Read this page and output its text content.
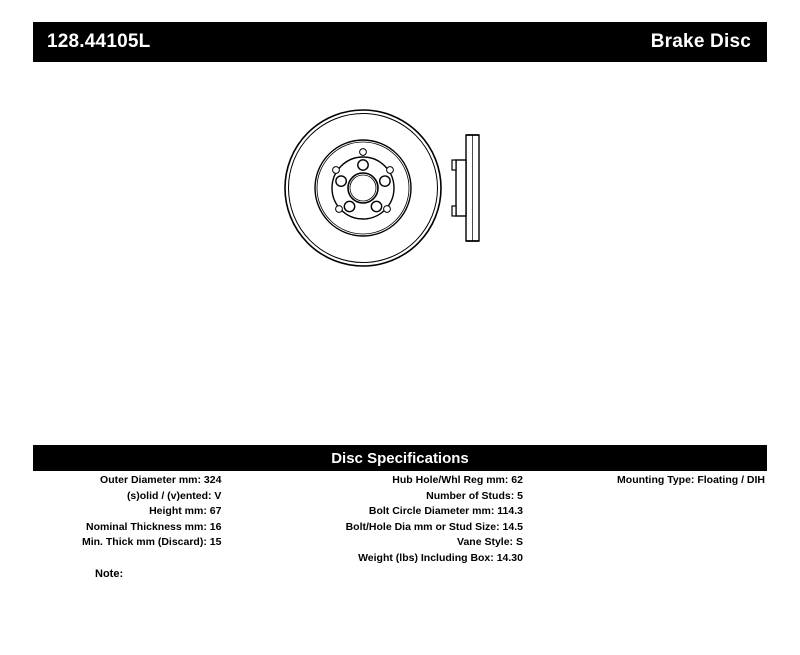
128.44105L	Brake Disc
Disc Specifications
Outer Diameter mm: 324
(s)olid / (v)ented: V
Height mm: 67
Nominal Thickness mm: 16
Min. Thick mm (Discard): 15
Hub Hole/Whl Reg mm: 62
Number of Studs: 5
Bolt Circle Diameter mm: 114.3
Bolt/Hole Dia mm or Stud Size: 14.5
Vane Style: S
Weight (lbs) Including Box: 14.30
Mounting Type: Floating / DIH
Note:
